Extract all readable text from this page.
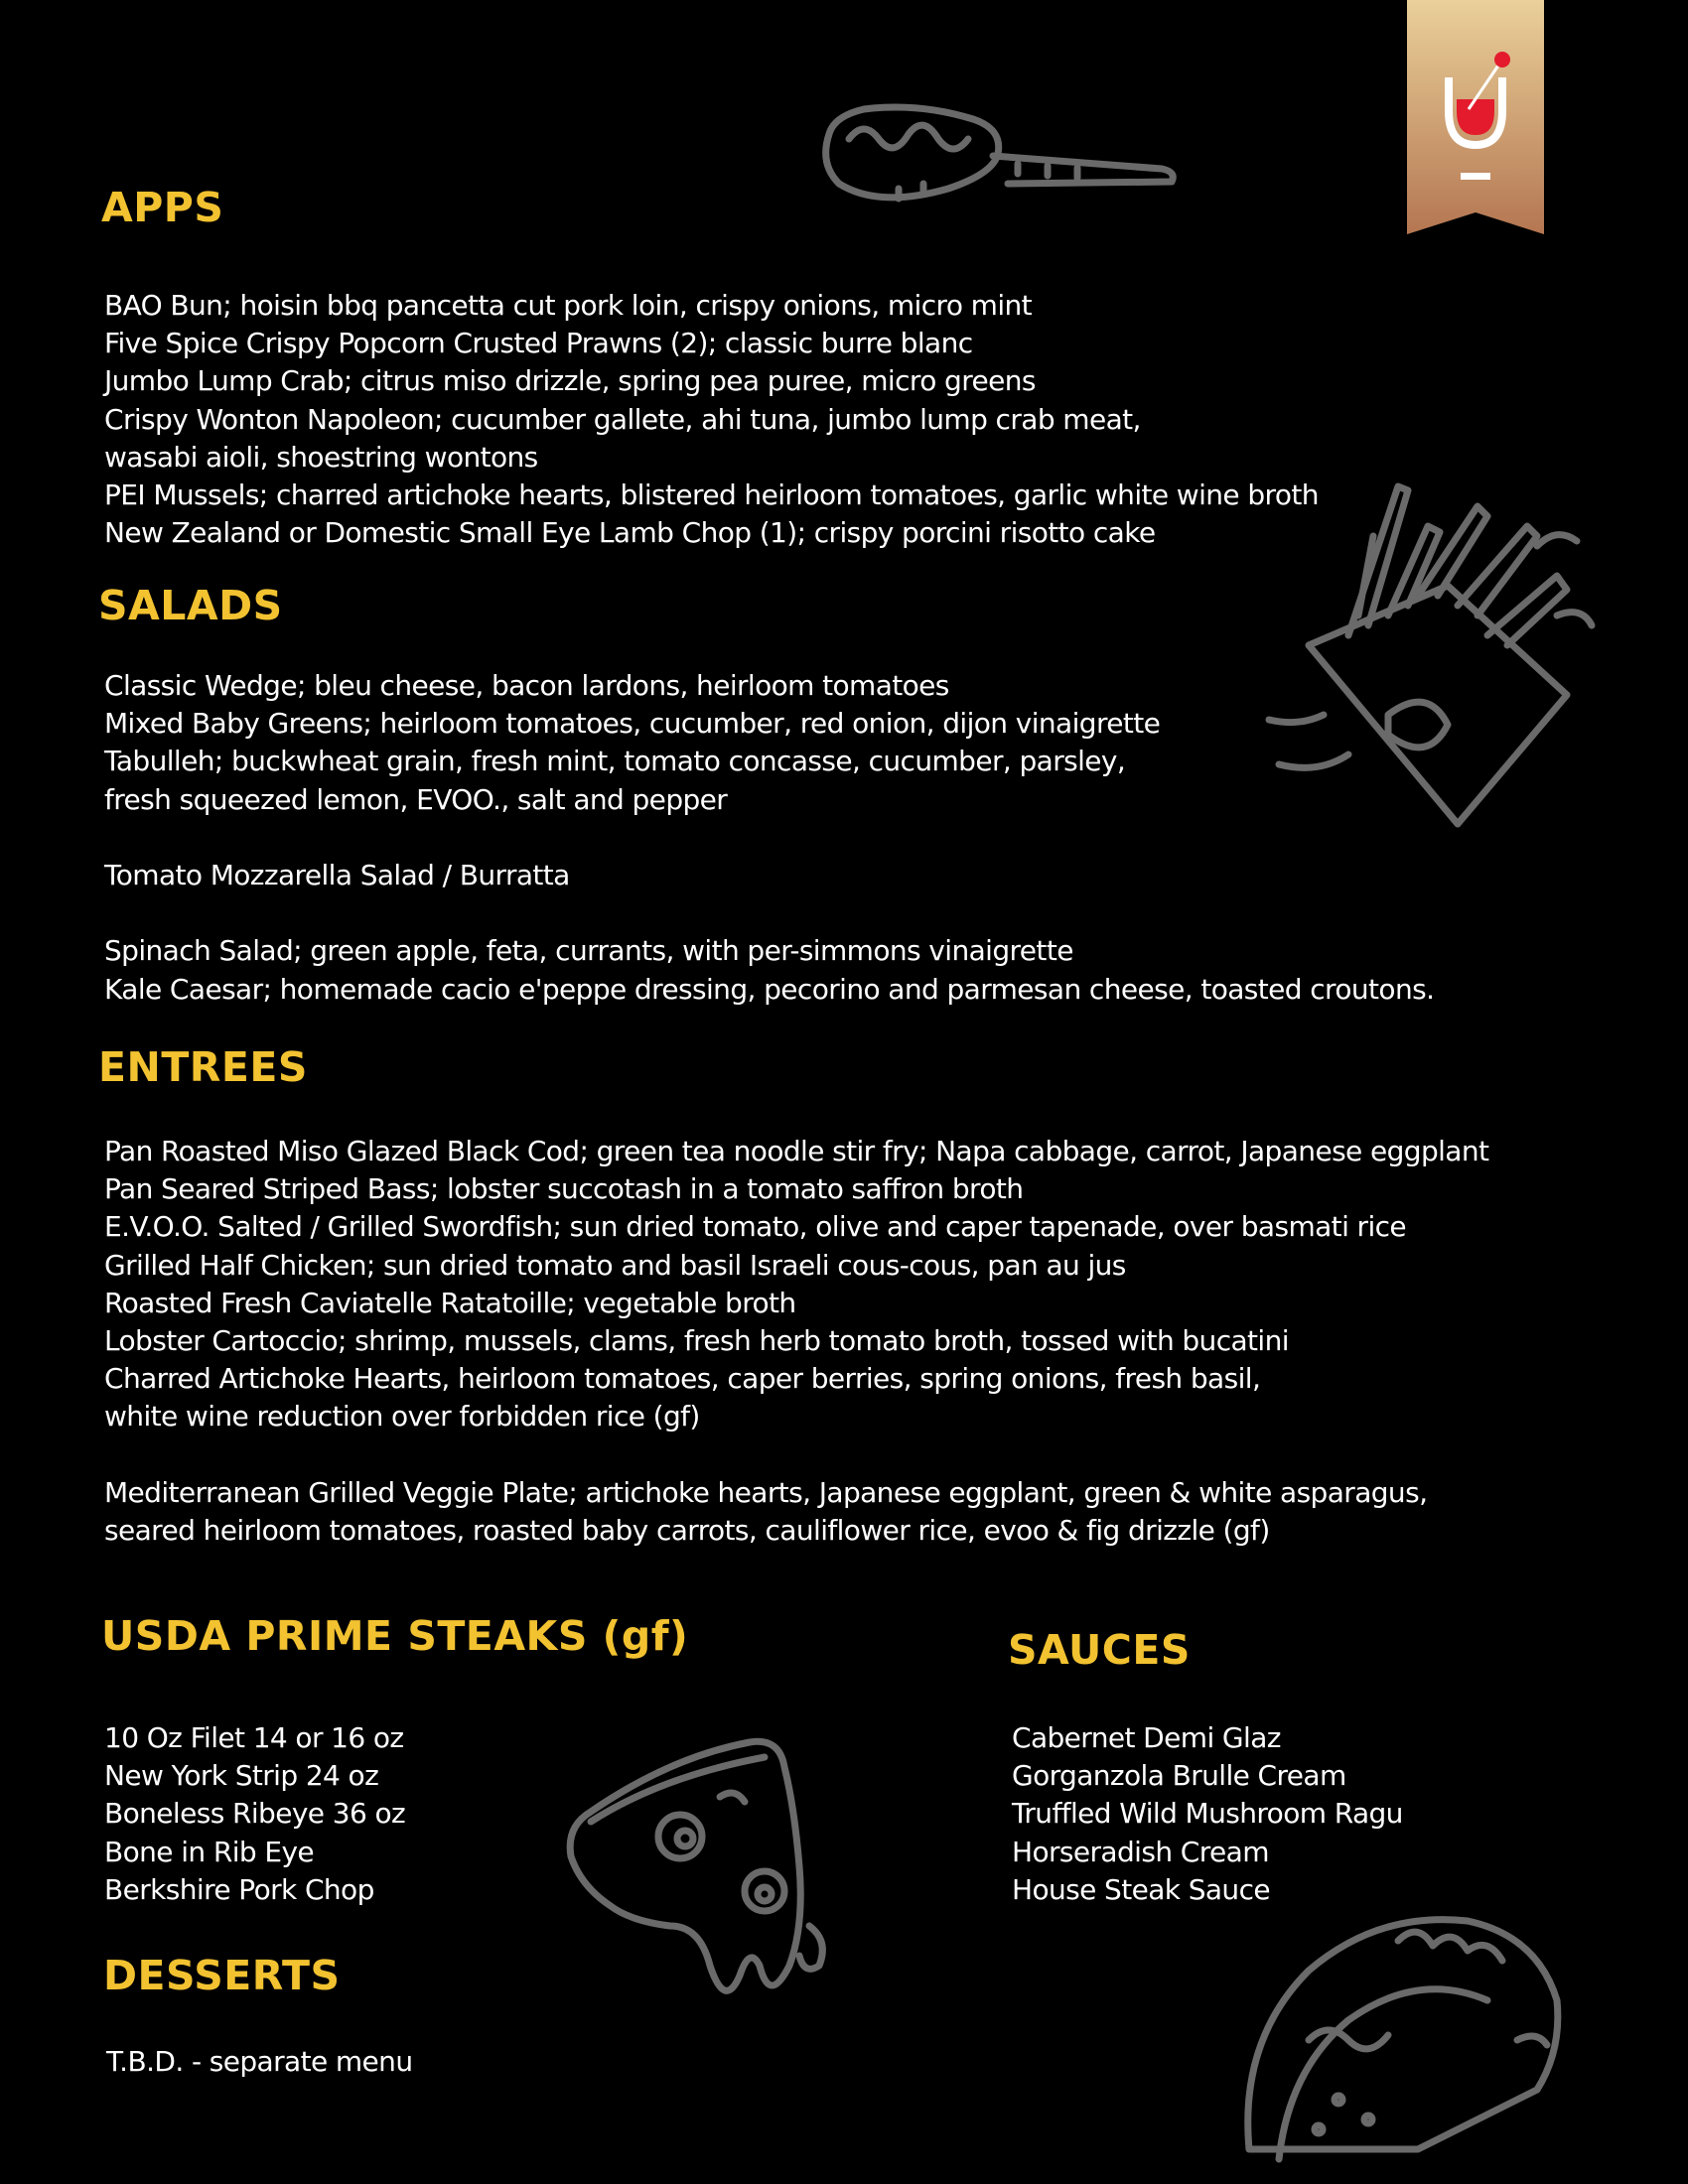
APPS
BAO Bun; hoisin bbq pancetta cut pork loin, crispy onions, micro mint
Five Spice Crispy Popcorn Crusted Prawns (2); classic burre blanc
Jumbo Lump Crab; citrus miso drizzle, spring pea puree, micro greens
Crispy Wonton Napoleon; cucumber gallete, ahi tuna, jumbo lump crab meat,
wasabi aioli, shoestring wontons
PEI Mussels; charred artichoke hearts, blistered heirloom tomatoes, garlic white wine broth
New Zealand or Domestic Small Eye Lamb Chop (1); crispy porcini risotto cake
SALADS
Classic Wedge; bleu cheese, bacon lardons, heirloom tomatoes
Mixed Baby Greens; heirloom tomatoes, cucumber, red onion, dijon vinaigrette
Tabulleh; buckwheat grain, fresh mint, tomato concasse, cucumber, parsley,
fresh squeezed lemon, EVOO., salt and pepper
Tomato Mozzarella Salad / Burratta
Spinach Salad; green apple, feta, currants, with per-simmons vinaigrette
Kale Caesar; homemade cacio e'peppe dressing, pecorino and parmesan cheese, toasted croutons.
ENTREES
Pan Roasted Miso Glazed Black Cod; green tea noodle stir fry; Napa cabbage, carrot, Japanese eggplant
Pan Seared Striped Bass; lobster succotash in a tomato saffron broth
E.V.O.O. Salted / Grilled Swordfish; sun dried tomato, olive and caper tapenade, over basmati rice
Grilled Half Chicken; sun dried tomato and basil Israeli cous-cous, pan au jus
Roasted Fresh Caviatelle Ratatoille; vegetable broth
Lobster Cartoccio; shrimp, mussels, clams, fresh herb tomato broth, tossed with bucatini
Charred Artichoke Hearts, heirloom tomatoes, caper berries, spring onions, fresh basil,
white wine reduction over forbidden rice (gf)
Mediterranean Grilled Veggie Plate; artichoke hearts, Japanese eggplant, green & white asparagus,
seared heirloom tomatoes, roasted baby carrots, cauliflower rice, evoo & fig drizzle (gf)
USDA PRIME STEAKS (gf)
10 Oz Filet 14 or 16 oz
New York Strip 24 oz
Boneless Ribeye 36 oz
Bone in Rib Eye
Berkshire Pork Chop
SAUCES
Cabernet Demi Glaz
Gorganzola Brulle Cream
Truffled Wild Mushroom Ragu
Horseradish Cream
House Steak Sauce
DESSERTS
T.B.D. - separate menu
